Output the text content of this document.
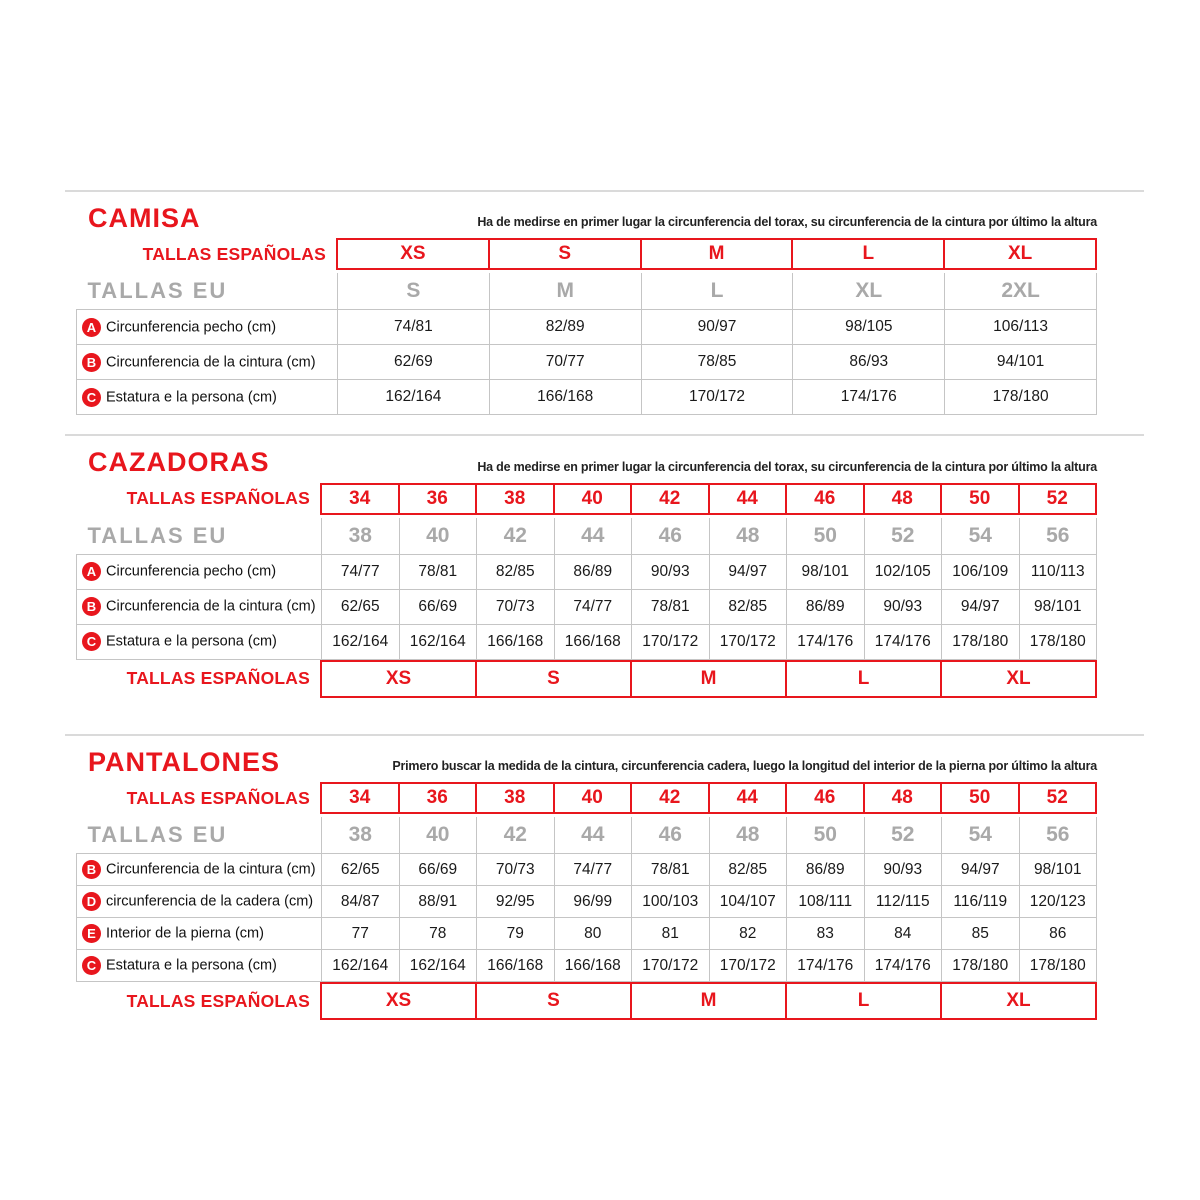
CAMISA	Ha de medirse en primer lugar la circunferencia del torax, su circunferencia de la cintura por último la altura
TALLAS ESPAÑOLAS	XS	S	M	L	XL
TALLAS EU	S	M	L	XL	2XL
A Circunferencia pecho (cm)	74/81	82/89	90/97	98/105	106/113
B Circunferencia de la cintura (cm)	62/69	70/77	78/85	86/93	94/101
C Estatura e la persona (cm)	162/164	166/168	170/172	174/176	178/180
CAZADORAS	Ha de medirse en primer lugar la circunferencia del torax, su circunferencia de la cintura por último la altura
TALLAS ESPAÑOLAS	34	36	38	40	42	44	46	48	50	52
TALLAS EU	38	40	42	44	46	48	50	52	54	56
A Circunferencia pecho (cm)	74/77	78/81	82/85	86/89	90/93	94/97	98/101	102/105	106/109	110/113
B Circunferencia de la cintura (cm)	62/65	66/69	70/73	74/77	78/81	82/85	86/89	90/93	94/97	98/101
C Estatura e la persona (cm)	162/164	162/164	166/168	166/168	170/172	170/172	174/176	174/176	178/180	178/180
TALLAS ESPAÑOLAS	XS	S	M	L	XL
PANTALONES	Primero buscar la medida de la cintura, circunferencia cadera, luego la longitud del interior de la pierna por último la altura
TALLAS ESPAÑOLAS	34	36	38	40	42	44	46	48	50	52
TALLAS EU	38	40	42	44	46	48	50	52	54	56
B Circunferencia de la cintura (cm)	62/65	66/69	70/73	74/77	78/81	82/85	86/89	90/93	94/97	98/101
D circunferencia de la cadera (cm)	84/87	88/91	92/95	96/99	100/103	104/107	108/111	112/115	116/119	120/123
E Interior de la pierna (cm)	77	78	79	80	81	82	83	84	85	86
C Estatura e la persona (cm)	162/164	162/164	166/168	166/168	170/172	170/172	174/176	174/176	178/180	178/180
TALLAS ESPAÑOLAS	XS	S	M	L	XL
